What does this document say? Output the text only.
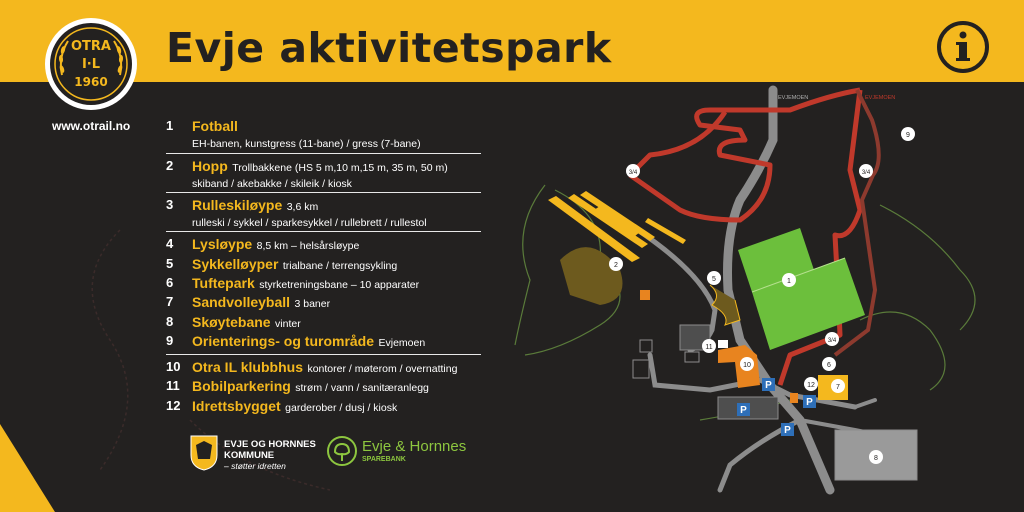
Evje aktivitetspark
OTRA
I·L
1960
www.otrail.no
P
P
P
P
EVJEMOEN	EVJEMOEN
1
2
3/4	3/4
3/4
5
6
7
8
9
10
11
12
1	Fotball
EH-banen, kunstgress (11-bane) / gress (7-bane)
2	Hopp Trollbakkene (HS 5 m,10 m,15 m, 35 m, 50 m)
skiband / akebakke / skileik / kiosk
3	Rulleskiløype 3,6 km
rulleski / sykkel / sparkesykkel / rullebrett / rullestol
4	Lysløype 8,5 km – helsårsløype
5	Sykkelløyper trialbane / terrengsykling
6	Tuftepark styrketreningsbane – 10 apparater
7	Sandvolleyball 3 baner
8	Skøytebane vinter
9	Orienterings- og turområde Evjemoen
10 Otra IL klubbhus kontorer / møterom / overnatting
11 Bobilparkering strøm / vann / sanitæranlegg
12 Idrettsbygget garderober / dusj / kiosk
EVJE OG HORNNES
KOMMUNE
– støtter idretten
Evje & Hornnes
SPAREBANK
